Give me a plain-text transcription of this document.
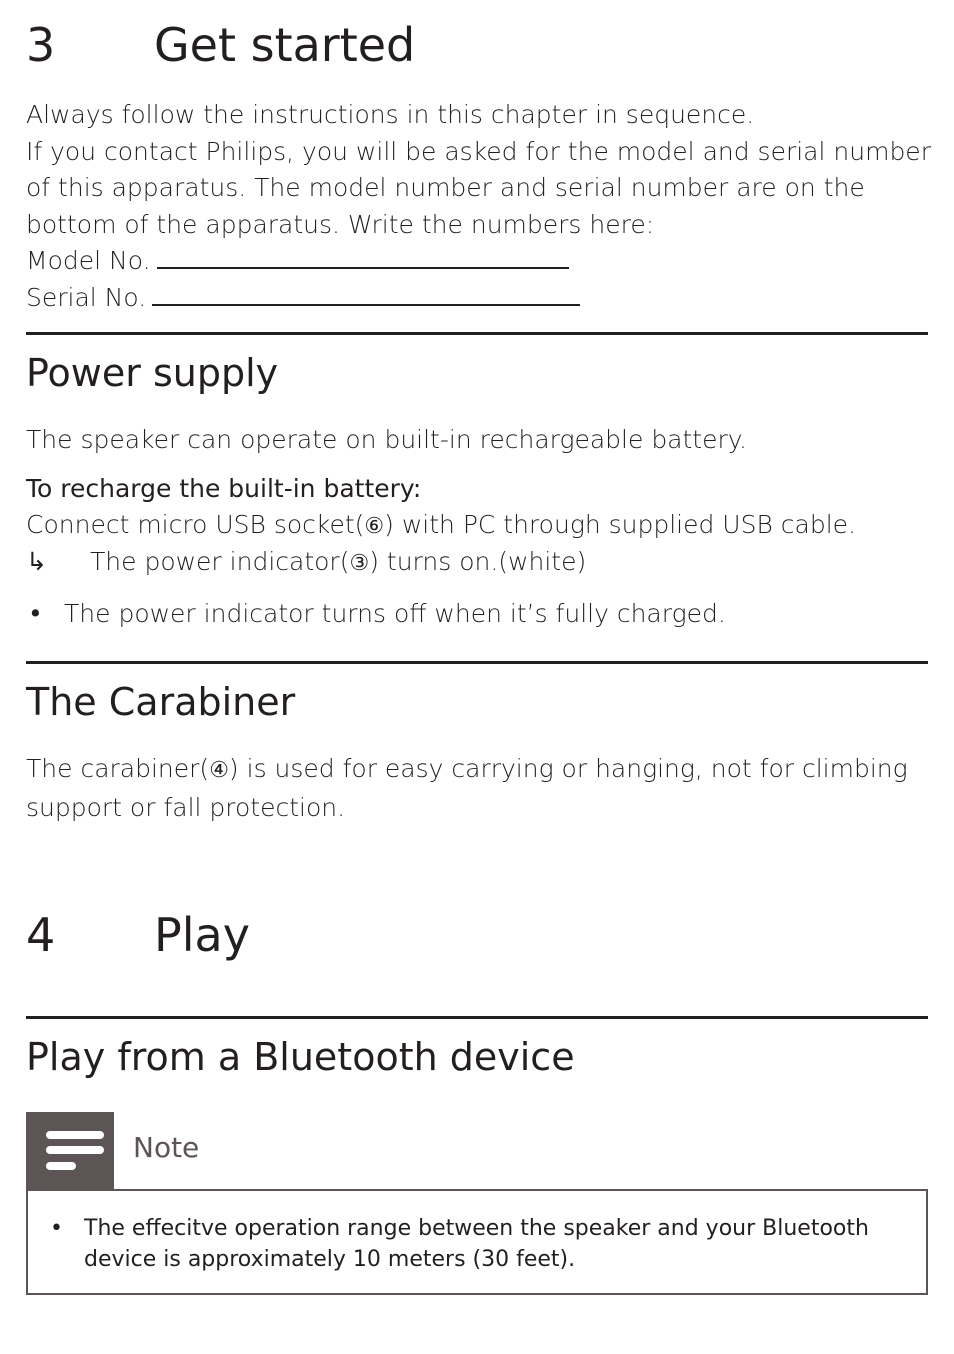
3	Get started

Always follow the instructions in this chapter in sequence.

If you contact Philips, you will be asked for the model and serial number

of this apparatus. The model number and serial number are on the

bottom of the apparatus. Write the numbers here:

Model No.

Serial No.

Power supply

The speaker can operate on built-in rechargeable battery.

To recharge the built-in battery:

Connect micro USB socket(⑥) with PC through supplied USB cable.

↳	The power indicator(③) turns on.(white)
• The power indicator turns off when it’s fully charged.
The Carabiner

The carabiner(④) is used for easy carrying or hanging, not for climbing

support or fall protection.

4	Play
Play from a Bluetooth device
Note
• The effecitve operation range between the speaker and your Bluetooth
device is approximately 10 meters (30 feet).
